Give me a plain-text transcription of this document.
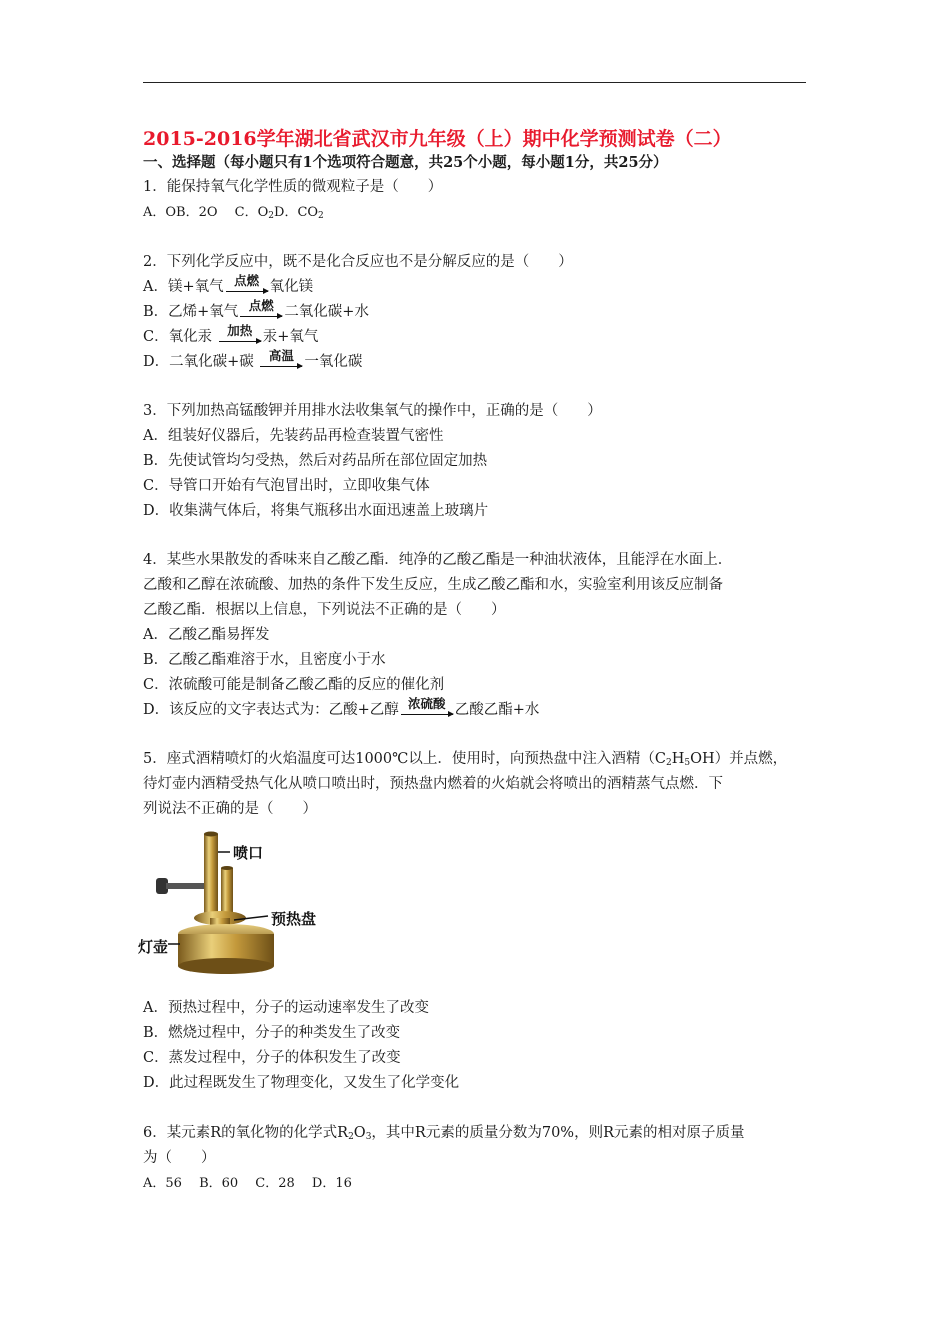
2015-2016学年湖北省武汉市九年级（上）期中化学预测试卷（二）
一、选择题（每小题只有1个选项符合题意，共25个小题，每小题1分，共25分）
1．能保持氧气化学性质的微观粒子是（　　）
A．OB．2O　 C．$O_2D$．$CO_2$
2．下列化学反应中，既不是化合反应也不是分解反应的是（　　）
A．镁+氧气 点燃 氧化镁
B．乙烯+氧气 点燃 二氧化碳+水
C．氧化汞	加热 汞+氧气
D．二氧化碳+碳	高温 一氧化碳
3．下列加热高锰酸钾并用排水法收集氧气的操作中，正确的是（　　）
A．组装好仪器后，先装药品再检查装置气密性
B．先使试管均匀受热，然后对药品所在部位固定加热
C．导管口开始有气泡冒出时，立即收集气体
D．收集满气体后，将集气瓶移出水面迅速盖上玻璃片
4．某些水果散发的香味来自乙酸乙酯．纯净的乙酸乙酯是一种油状液体，且能浮在水面上．
乙酸和乙醇在浓硫酸、加热的条件下发生反应，生成乙酸乙酯和水，实验室利用该反应制备
乙酸乙酯．根据以上信息，下列说法不正确的是（　　）
A．乙酸乙酯易挥发
B．乙酸乙酯难溶于水，且密度小于水
C．浓硫酸可能是制备乙酸乙酯的反应的催化剂
D．该反应的文字表达式为：乙酸+乙醇 浓硫酸 乙酸乙酯+水
5．座式酒精喷灯的火焰温度可达1000℃以上．使用时，向预热盘中注入酒精$(C_2H_5OH)$并点燃，
待灯壶内酒精受热气化从喷口喷出时，预热盘内燃着的火焰就会将喷出的酒精蒸气点燃．下
列说法不正确的是（　　）
喷口
预热盘
灯壶
A．预热过程中，分子的运动速率发生了改变
B．燃烧过程中，分子的种类发生了改变
C．蒸发过程中，分子的体积发生了改变
D．此过程既发生了物理变化，又发生了化学变化
6．某元素R的氧化物的化学式$R_2O_3$，其中R元素的质量分数为70%，则R元素的相对原子质量
为（　　）
A．56　 B．60　 C．28　 D．16
